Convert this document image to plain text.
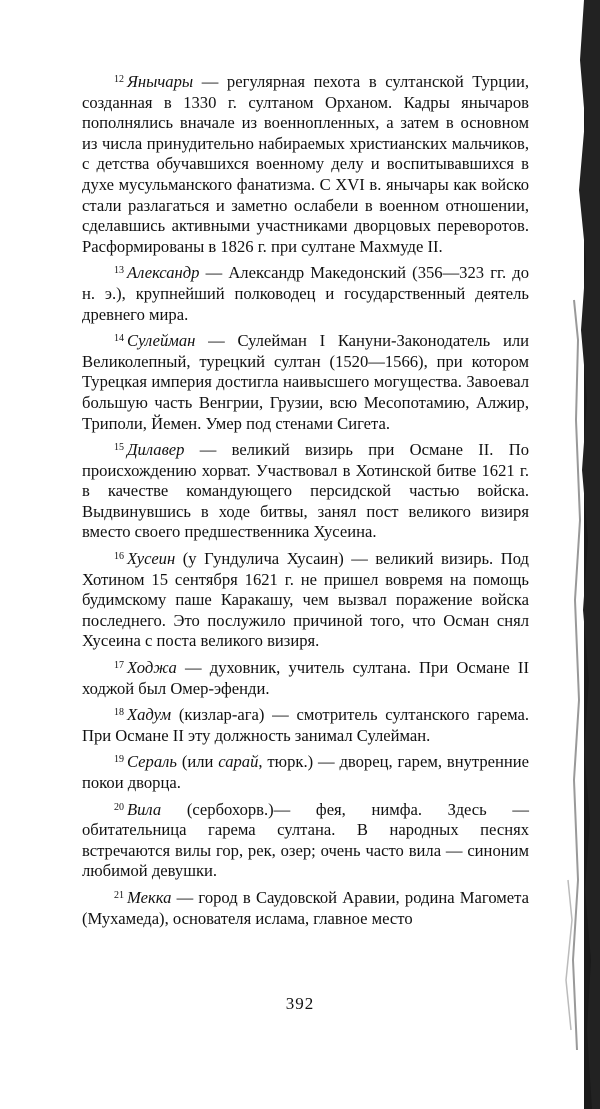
$^{12}$ Янычары — регулярная пехота в султанской Турции, созданная в 1330 г. султаном Орханом. Кадры янычаров пополнялись вначале из военнопленных, а затем в основном из числа принудительно набираемых христианских мальчиков, с детства обучавшихся военному делу и воспитывавшихся в духе мусульманского фанатизма. С XVI в. янычары как войско стали разлагаться и заметно ослабели в военном отношении, сделавшись активными участниками дворцовых переворотов. Расформированы в 1826 г. при султане Махмуде II.

$^{13}$ Александр — Александр Македонский (356—323 гг. до н. э.), крупнейший полководец и государственный деятель древнего мира.

$^{14}$ Сулейман — Сулейман I Кануни-Законодатель или Великолепный, турецкий султан (1520—1566), при котором Турецкая империя достигла наивысшего могущества. Завоевал большую часть Венгрии, Грузии, всю Месопотамию, Алжир, Триполи, Йемен. Умер под стенами Сигета.

$^{15}$ Дилавер — великий визирь при Османе II. По происхождению хорват. Участвовал в Хотинской битве 1621 г. в качестве командующего персидской частью войска. Выдвинувшись в ходе битвы, занял пост великого визиря вместо своего предшественника Хусеина.

$^{16}$ Хусеин (у Гундулича Хусаин) — великий визирь. Под Хотином 15 сентября 1621 г. не пришел вовремя на помощь будимскому паше Каракашу, чем вызвал поражение войска последнего. Это послужило причиной того, что Осман снял Хусеина с поста великого визиря.

$^{17}$ Ходжа — духовник, учитель султана. При Османе II ходжой был Омер-эфенди.

$^{18}$ Хадум (кизлар-ага) — смотритель султанского гарема. При Османе II эту должность занимал Сулейман.

$^{19}$ Сераль (или сарай, тюрк.) — дворец, гарем, внутренние покои дворца.

$^{20}$ Вила (сербохорв.)— фея, нимфа. Здесь — обитательница гарема султана. В народных песнях встречаются вилы гор, рек, озер; очень часто вила — синоним любимой девушки.

$^{21}$ Мекка — город в Саудовской Аравии, родина Магомета (Мухамеда), основателя ислама, главное место

392
